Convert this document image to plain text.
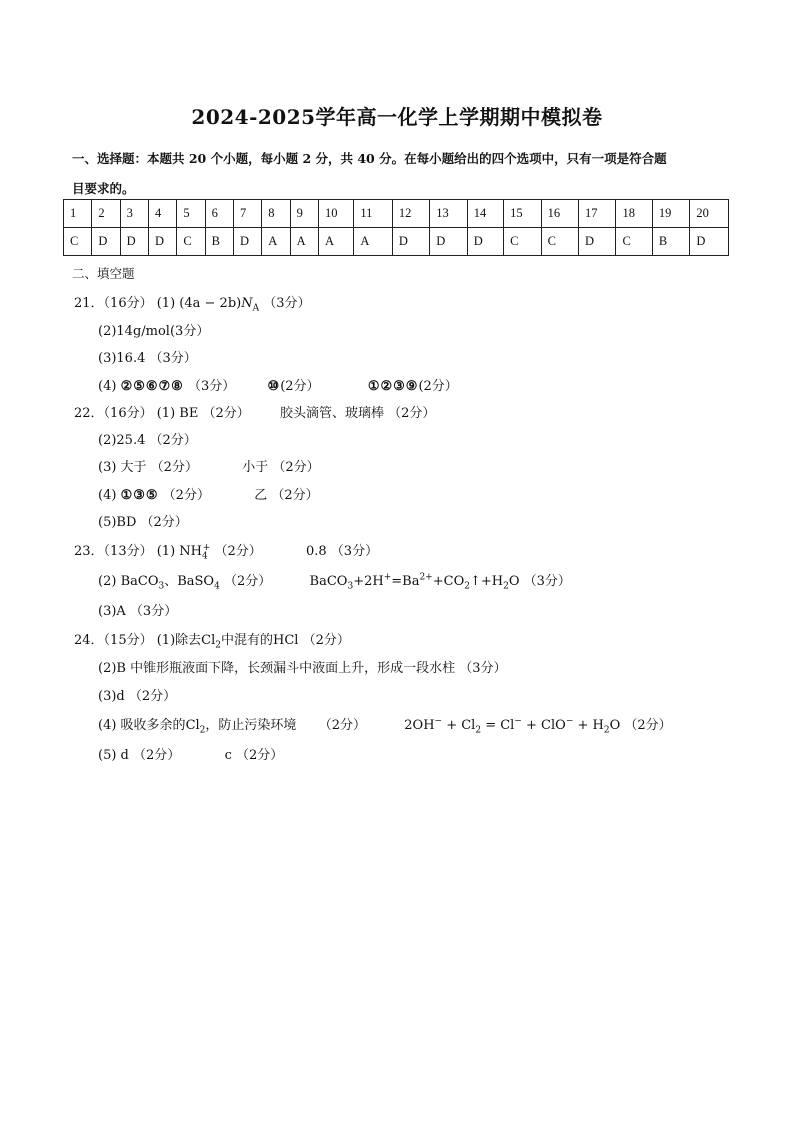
2024-2025学年高一化学上学期期中模拟卷
一、选择题：本题共 20 个小题，每小题 2 分，共 40 分。在每小题给出的四个选项中，只有一项是符合题
目要求的。
1	2	3	4	5	6	7	8	9	10	11	12	13	14	15	16	17	18	19	20
C	D	D	D	C	B	D	A	A	A	A	D	D	D	C	C	D	C	B	D
二、填空题
21．（16分） (1) $(4a - 2b)N_A$ （3分）
(2)14g/mol(3分）
(3)16.4 （3分）
(4) ②⑤⑥⑦⑧ （3分） ⑩(2分）	①②③⑨(2分）
22．（16分） (1) BE （2分） 胶头滴管、玻璃棒 （2分）
(2)25.4 （2分）
(3) 大于 （2分）	小于 （2分）
(4) ①③⑤ （2分）	乙 （2分）
(5)BD （2分）
23．（13分） (1) $NH_4^+$ （2分）	0.8 （3分）
(2) BaCO$_3$、BaSO$_4$ （2分）	$BaCO_3+2H^+=Ba^{2+}+CO_2↑+H_2O$ （3分）
(3)A （3分）
24．（15分） (1)除去$Cl_2$中混有的HCl （2分）
(2)B 中锥形瓶液面下降，长颈漏斗中液面上升，形成一段水柱 （3分）
(3)d （2分）
(4) 吸收多余的$Cl_2$，防止污染环境 （2分）	$2OH^- + Cl_2 = Cl^- + ClO^- + H_2O$ （2分）
(5) d （2分）	c （2分）
